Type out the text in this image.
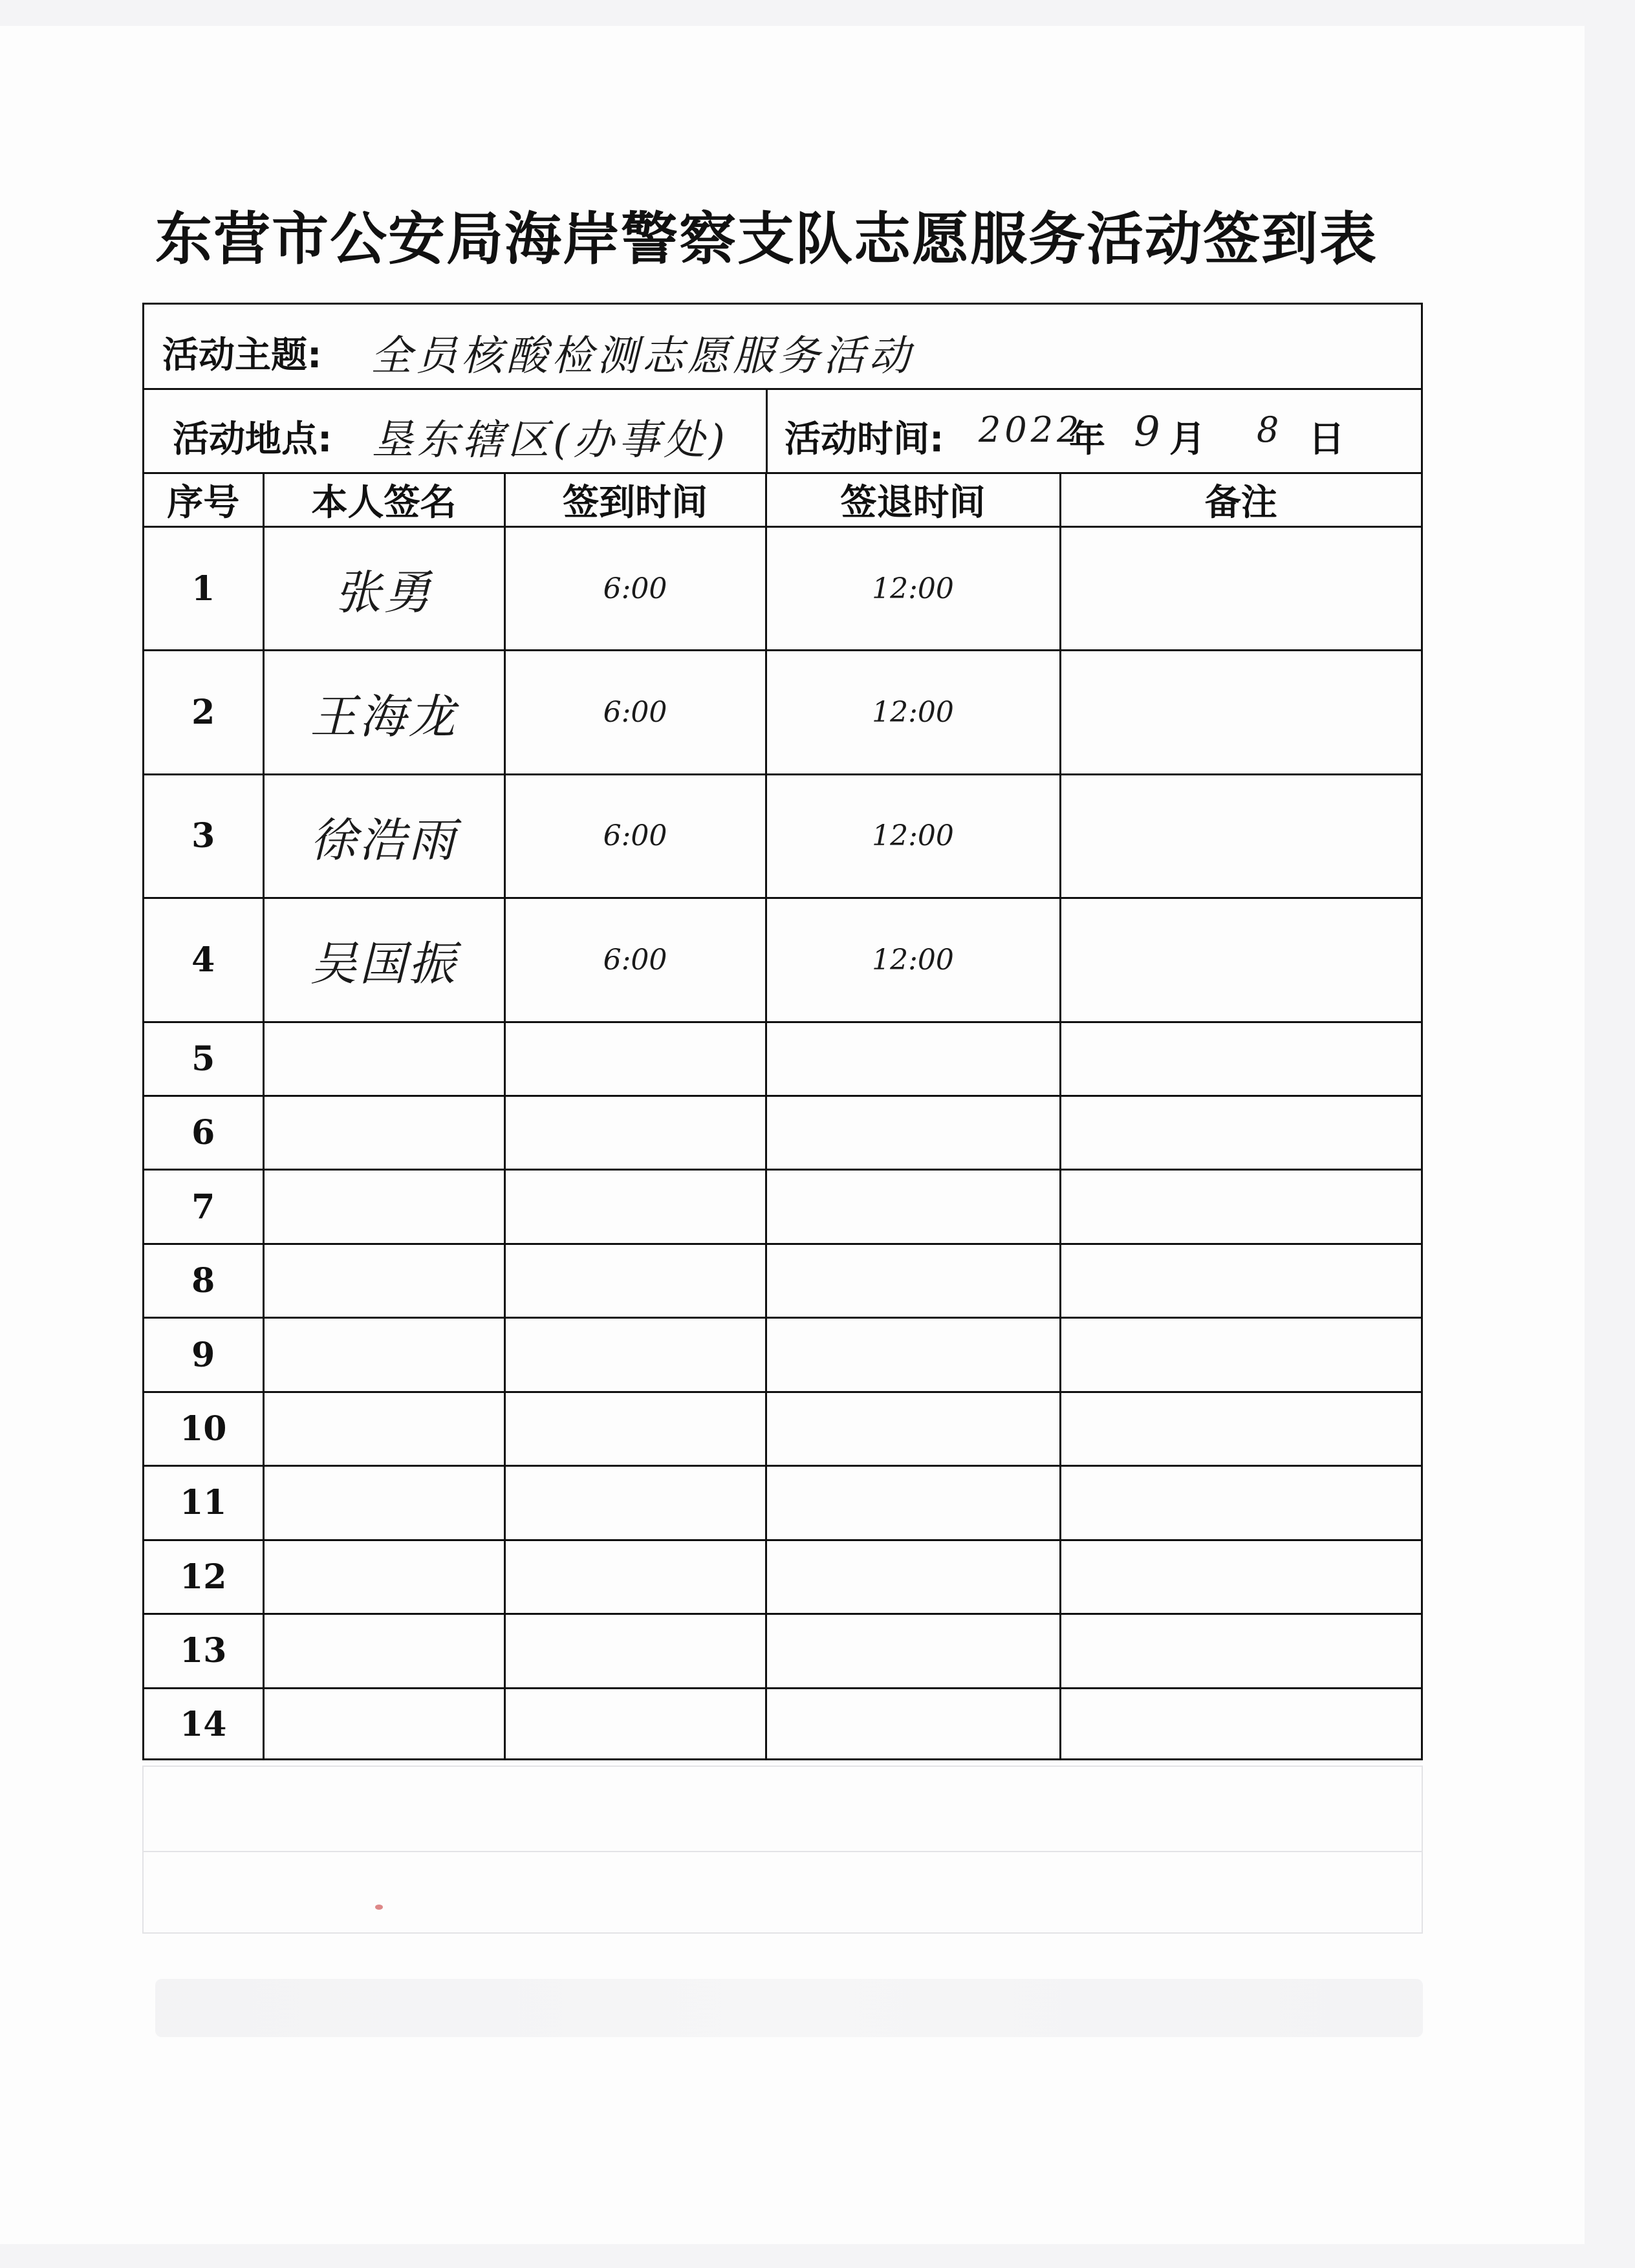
东营市公安局海岸警察支队志愿服务活动签到表
活动主题: 全员核酸检测志愿服务活动
活动地点: 垦东辖区(办事处) 活动时间: 2022
年 9 月 8 日
序号	本人签名	签到时间	签退时间	备注
1	张勇	6:00	12:00	
2	王海龙	6:00	12:00	
3	徐浩雨	6:00	12:00	
4	吴国振	6:00	12:00	
5				
6				
7				
8				
9				
10				
11				
12				
13				
14				
